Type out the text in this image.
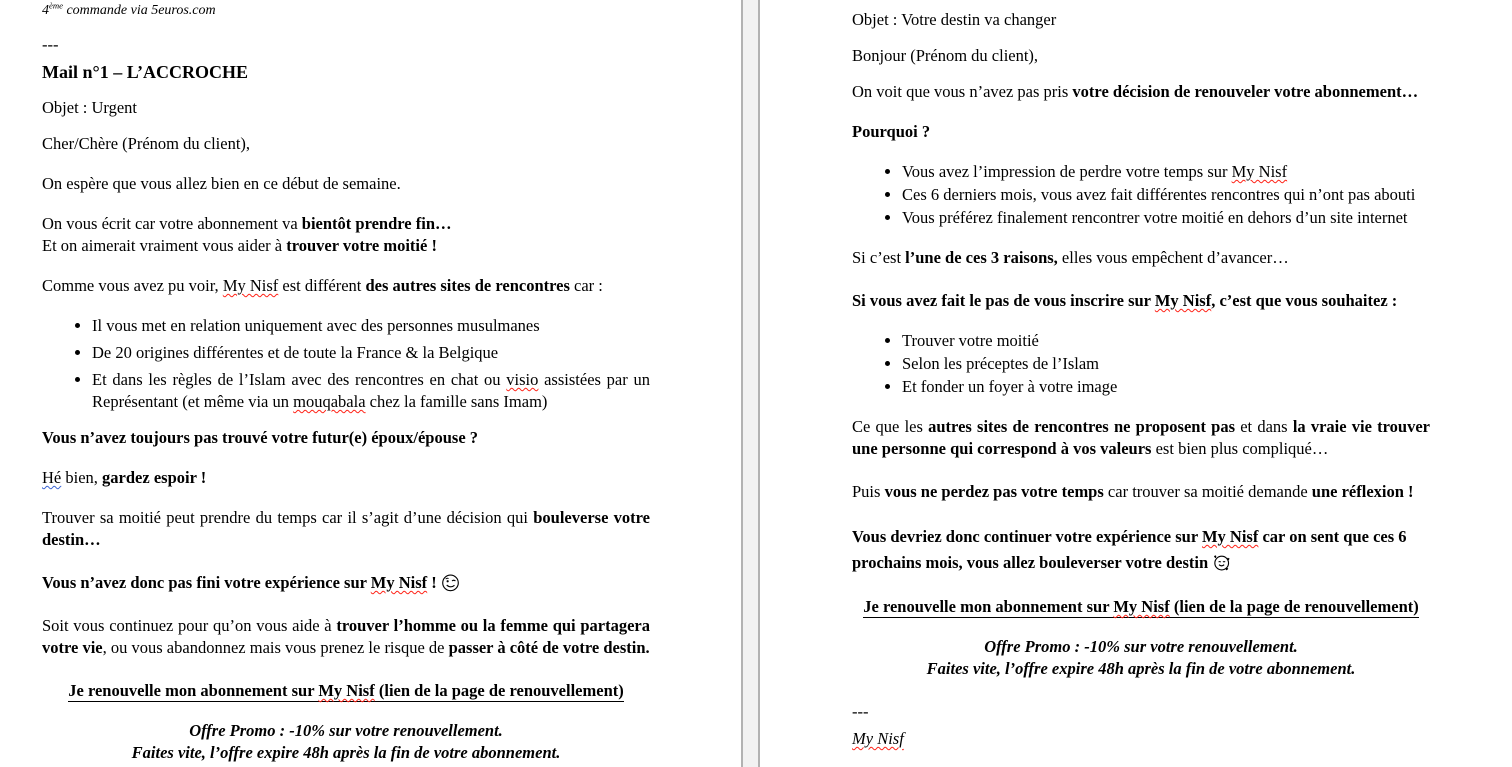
4ème commande via 5euros.com

---

Mail n°1 – L’ACCROCHE

Objet : Urgent

Cher/Chère (Prénom du client),

On espère que vous allez bien en ce début de semaine.

On vous écrit car votre abonnement va bientôt prendre fin…
Et on aimerait vraiment vous aider à trouver votre moitié !

Comme vous avez pu voir, My Nisf est différent des autres sites de rencontres car :

• Il vous met en relation uniquement avec des personnes musulmanes
• De 20 origines différentes et de toute la France & la Belgique
• Et dans les règles de l’Islam avec des rencontres en chat ou visio assistées par un Représentant (et même via un mouqabala chez la famille sans Imam)

Vous n’avez toujours pas trouvé votre futur(e) époux/épouse ?

Hé bien, gardez espoir !

Trouver sa moitié peut prendre du temps car il s’agit d’une décision qui bouleverse votre destin…

Vous n’avez donc pas fini votre expérience sur My Nisf !

Soit vous continuez pour qu’on vous aide à trouver l’homme ou la femme qui partagera votre vie, ou vous abandonnez mais vous prenez le risque de passer à côté de votre destin.

Je renouvelle mon abonnement sur My Nisf (lien de la page de renouvellement)

Offre Promo : -10% sur votre renouvellement.
Faites vite, l’offre expire 48h après la fin de votre abonnement.

Objet : Votre destin va changer

Bonjour (Prénom du client),

On voit que vous n’avez pas pris votre décision de renouveler votre abonnement…

Pourquoi ?

• Vous avez l’impression de perdre votre temps sur My Nisf
• Ces 6 derniers mois, vous avez fait différentes rencontres qui n’ont pas abouti
• Vous préférez finalement rencontrer votre moitié en dehors d’un site internet

Si c’est l’une de ces 3 raisons, elles vous empêchent d’avancer…

Si vous avez fait le pas de vous inscrire sur My Nisf, c’est que vous souhaitez :

• Trouver votre moitié
• Selon les préceptes de l’Islam
• Et fonder un foyer à votre image

Ce que les autres sites de rencontres ne proposent pas et dans la vraie vie trouver une personne qui correspond à vos valeurs est bien plus compliqué…

Puis vous ne perdez pas votre temps car trouver sa moitié demande une réflexion !

Vous devriez donc continuer votre expérience sur My Nisf car on sent que ces 6 prochains mois, vous allez bouleverser votre destin

Je renouvelle mon abonnement sur My Nisf (lien de la page de renouvellement)

Offre Promo : -10% sur votre renouvellement.
Faites vite, l’offre expire 48h après la fin de votre abonnement.

---

My Nisf
